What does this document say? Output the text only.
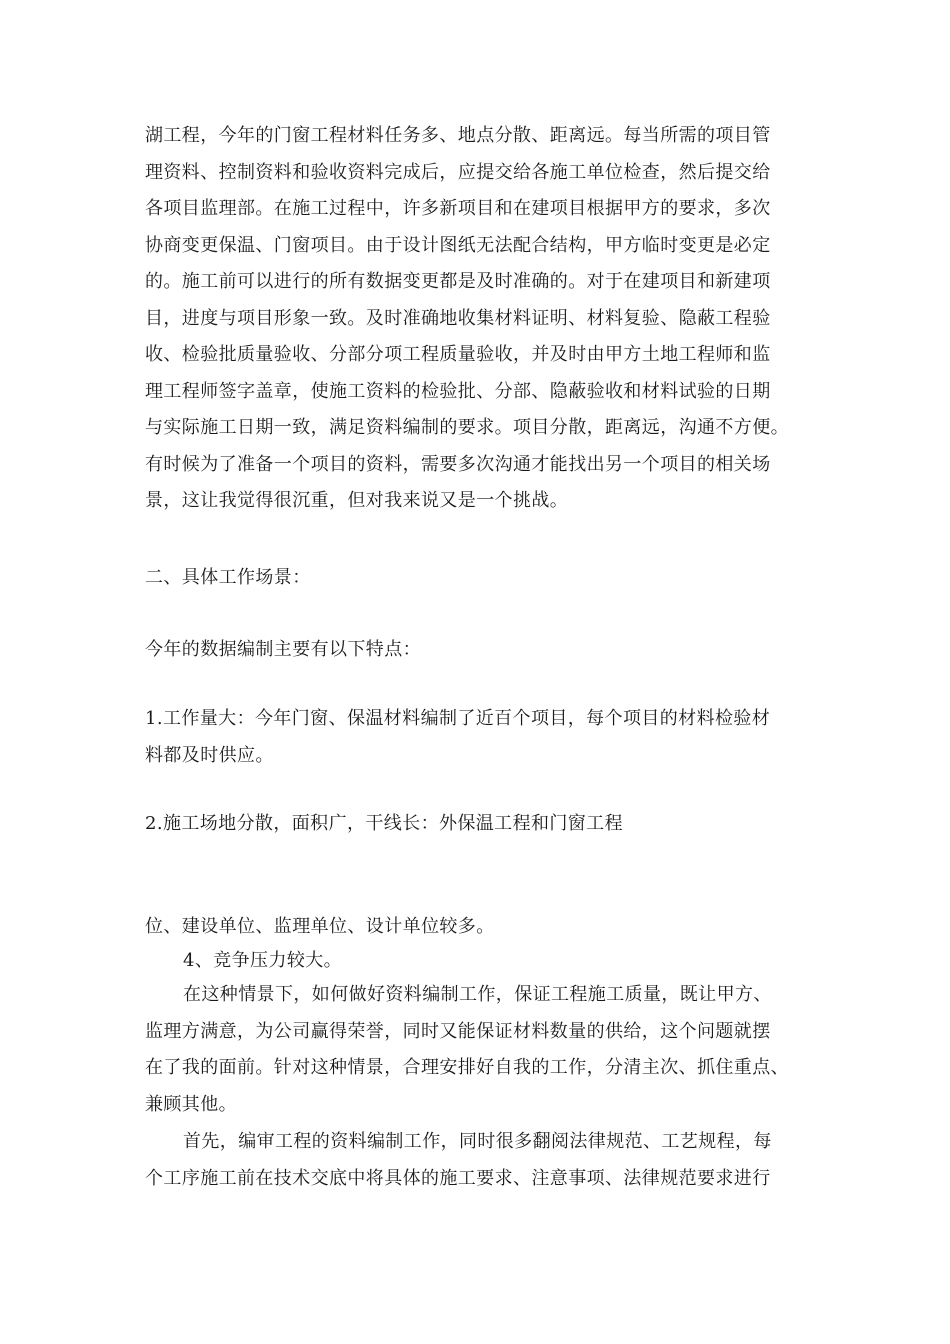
湖工程，今年的门窗工程材料任务多、地点分散、距离远。每当所需的项目管
理资料、控制资料和验收资料完成后，应提交给各施工单位检查，然后提交给
各项目监理部。在施工过程中，许多新项目和在建项目根据甲方的要求，多次
协商变更保温、门窗项目。由于设计图纸无法配合结构，甲方临时变更是必定
的。施工前可以进行的所有数据变更都是及时准确的。对于在建项目和新建项
目，进度与项目形象一致。及时准确地收集材料证明、材料复验、隐蔽工程验
收、检验批质量验收、分部分项工程质量验收，并及时由甲方土地工程师和监
理工程师签字盖章，使施工资料的检验批、分部、隐蔽验收和材料试验的日期
与实际施工日期一致，满足资料编制的要求。项目分散，距离远，沟通不方便。
有时候为了准备一个项目的资料，需要多次沟通才能找出另一个项目的相关场
景，这让我觉得很沉重，但对我来说又是一个挑战。
二、具体工作场景：
今年的数据编制主要有以下特点：
1.工作量大：今年门窗、保温材料编制了近百个项目，每个项目的材料检验材
料都及时供应。
2.施工场地分散，面积广，干线长：外保温工程和门窗工程
位、建设单位、监理单位、设计单位较多。
4、竞争压力较大。
在这种情景下，如何做好资料编制工作，保证工程施工质量，既让甲方、
监理方满意，为公司赢得荣誉，同时又能保证材料数量的供给，这个问题就摆
在了我的面前。针对这种情景，合理安排好自我的工作，分清主次、抓住重点、
兼顾其他。
首先，编审工程的资料编制工作，同时很多翻阅法律规范、工艺规程，每
个工序施工前在技术交底中将具体的施工要求、注意事项、法律规范要求进行
